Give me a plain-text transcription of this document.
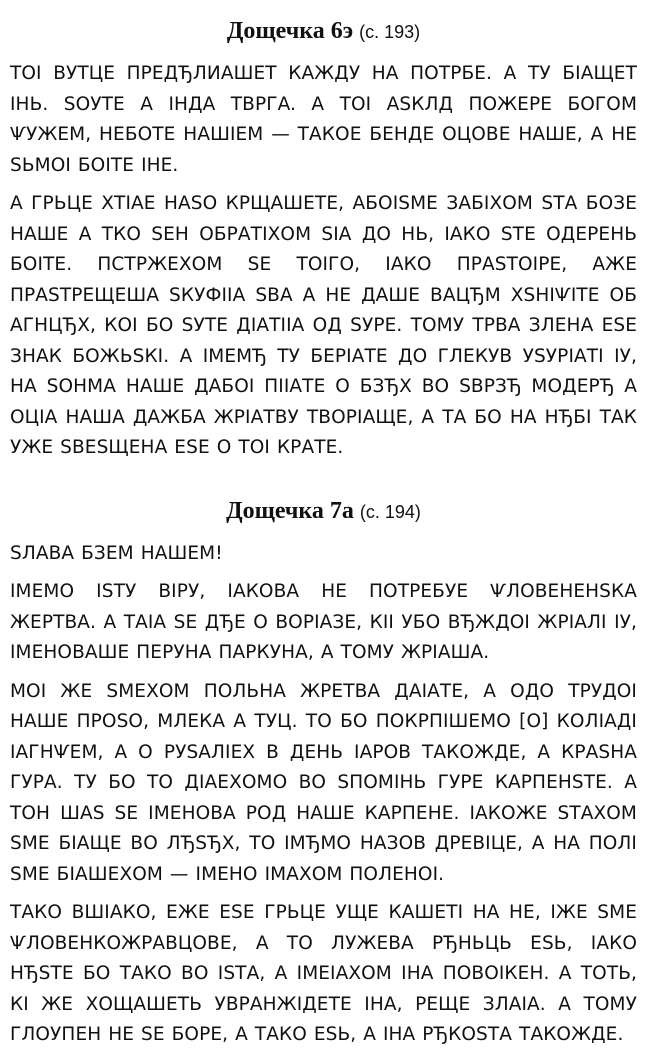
Дощечка 6э (с. 193)

ТОІ ВУТЦЕ ПРЕДЂЛИАШЕТ КАЖДУ НА ПОТРБЕ. А ТУ БIАЩЕТ ІНЬ. ЅОУТЕ А ІНДА ТВРГA. А ТОІ АЅКЛД ПОЖЕРЕ БОГОМ ѰУЖЕМ, НЕБОТЕ НАШIЕМ — ТАКОЕ БЕНДЕ ОЦОВЕ НАШЕ, А НЕ ЅЬМОІ БОІТЕ ІНЕ.

А ГРЬЦЕ ХТIАЕ НАЅО КРЩАШЕТЕ, АБОІЅМЕ ЗАБІХОМ ЅТА БОЗЕ НАШЕ А ТКО ЅЕН ОБРАТІХОМ ЅIА ДО НЬ, IАКО ЅТЕ ОДЕРЕНЬ БОІТЕ. ПСТРЖЕХОМ ЅЕ ТОІГО, IАКО ПРАЅТОІРЕ, АЖЕ ПРАЅТРЕЩЕША ЅКУФІIА ЅВА А НЕ ДАШЕ ВАЦЂМ ХЅНІѰІТЕ ОБ АГНЦЂХ, КОІ БО ЅУТЕ ДIАТIIА ОД ЅУРЕ. ТОМУ ТРВА ЗЛЕНА ЕЅЕ ЗНАК БОЖЬЅКІ. А ІМЕМЂ ТУ БЕРIАТЕ ДО ГЛЕКУВ УЅУРІАТІ IУ, НА ЅОНМА НАШЕ ДАБОІ ПІIАТЕ О БЗЂХ ВО ЅВРЗЂ МОДЕРЂ А ОЦIА НАША ДАЖБА ЖРIАТВУ ТВОРIАЩЕ, А ТА БО НА НЂБІ ТАК УЖЕ ЅВЕЅЩЕНА ЕЅЕ О ТОІ КРАТЕ.

Дощечка 7а (с. 194)

ЅЛАВА БЗЕМ НАШЕМ!

ІМЕМО ІЅТУ ВІРУ, IАКОВА НЕ ПОТРЕБУЕ ѰЛОВЕНЕНЅКА ЖЕРТВА. А ТАIА ЅЕ ДЂЕ О ВОРIАЗЕ, КІІ УБО ВЂЖДОІ ЖРIАЛІ IУ, ІМЕНОВАШЕ ПЕРУНА ПАРКУНА, А ТОМУ ЖРIАША.

МОІ ЖЕ ЅМЕХОМ ПОЛЬНА ЖРЕТВА ДАIАТЕ, А ОДО ТРУДОІ НАШЕ ПРОЅО, МЛЕКА А ТУЦ. ТО БО ПОКРПІШЕМО [О] КОЛIАДI IАГНѰЕМ, А О РУЅАЛIЕХ В ДЕНЬ IАРОВ ТАКОЖДЕ, А КРАЅНА ГУРА. ТУ БО ТО ДIАЕХОМО ВО ЅПОМІНЬ ГУРЕ КАРПЕНЅТЕ. А ТОН ШАЅ ЅЕ ІМЕНОВА РОД НАШЕ КАРПЕНЕ. IАКОЖЕ ЅТАХОМ ЅМЕ БIАЩЕ ВО ЛЂЅЂХ, ТО ІМЂМО НАЗОВ ДРЕВІЦЕ, А НА ПОЛІ ЅМЕ БIАШЕХОМ — ІМЕНО ІМАХОМ ПОЛЕНОІ.

ТАКО ВШIАКО, ЕЖЕ ЕЅЕ ГРЬЦЕ УЩЕ КАШЕТІ НА НЕ, IЖЕ ЅМЕ ѰЛОВЕНКОЖРАВЦОВЕ, А ТО ЛУЖЕВА РЂНЬЦЬ ЕЅЬ, IАКО НЂЅТЕ БО ТАКО ВО ІЅТА, А ІМЕIАХОМ ІНА ПОВОIКЕН. А ТОТЬ, КІ ЖЕ ХОЩАШЕТЬ УВРАНЖІДЕТЕ ІНА, РЕЩЕ ЗЛАIА. А ТОМУ ГЛОУПЕН НЕ ЅЕ БОРЕ, А ТАКО ЕЅЬ, А ІНА РЂКОЅТА ТАКОЖДЕ.
